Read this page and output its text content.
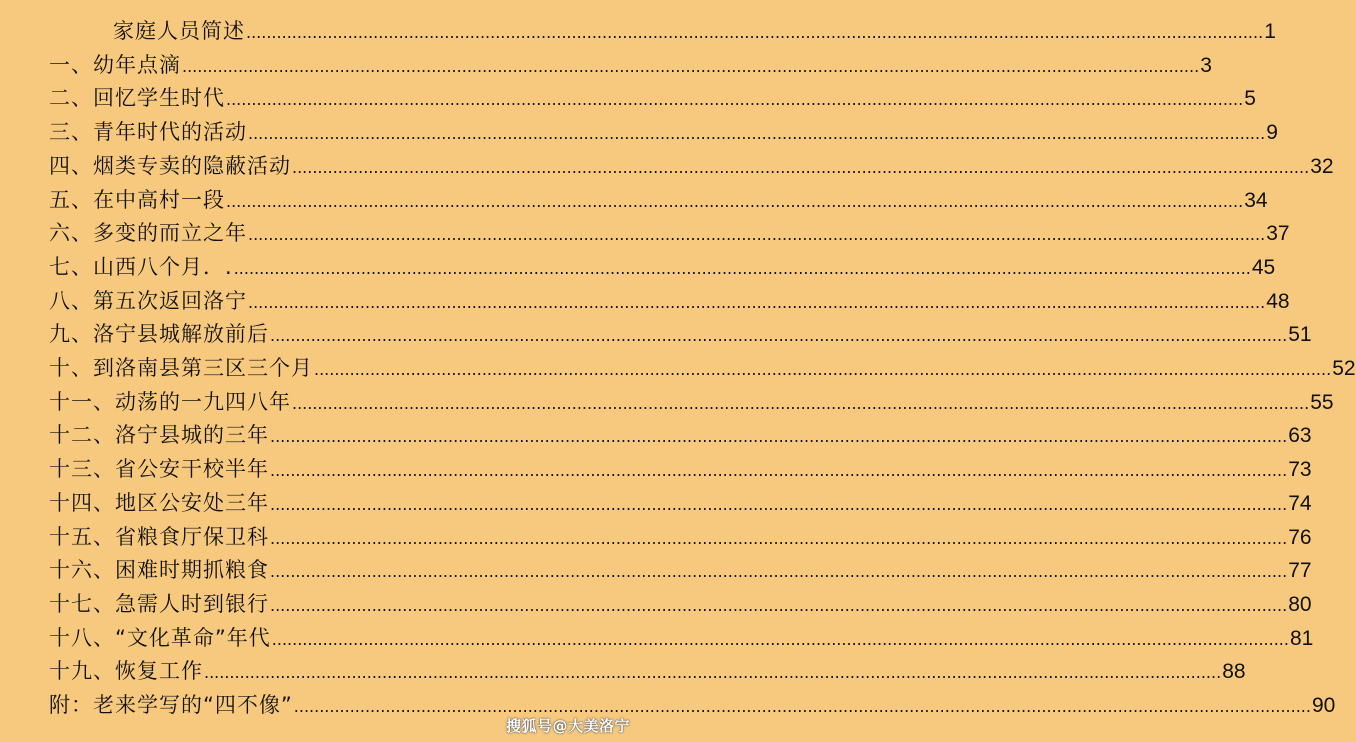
家庭人员简述 ........................................................................................................................................................................................................ 1
一、幼年点滴 ........................................................................................................................................................................................................ 3
二、回忆学生时代 ........................................................................................................................................................................................................ 5
三、青年时代的活动 ........................................................................................................................................................................................................ 9
四、烟类专卖的隐蔽活动 ........................................................................................................................................................................................................ 32
五、在中高村一段 ........................................................................................................................................................................................................ 34
六、多变的而立之年 ........................................................................................................................................................................................................ 37
七、山西八个月．. ........................................................................................................................................................................................................ 45
八、第五次返回洛宁 ........................................................................................................................................................................................................ 48
九、洛宁县城解放前后 ........................................................................................................................................................................................................ 51
十、到洛南县第三区三个月 ........................................................................................................................................................................................................ 52
十一、动荡的一九四八年 ........................................................................................................................................................................................................ 55
十二、洛宁县城的三年 ........................................................................................................................................................................................................ 63
十三、省公安干校半年 ........................................................................................................................................................................................................ 73
十四、地区公安处三年 ........................................................................................................................................................................................................ 74
十五、省粮食厅保卫科 ........................................................................................................................................................................................................ 76
十六、困难时期抓粮食 ........................................................................................................................................................................................................ 77
十七、急需人时到银行 ........................................................................................................................................................................................................ 80
十八、“文化革命”年代 ........................................................................................................................................................................................................ 81
十九、恢复工作 ........................................................................................................................................................................................................ 88
附：老来学写的“四不像” ........................................................................................................................................................................................................ 90
搜狐号@大美洛宁
